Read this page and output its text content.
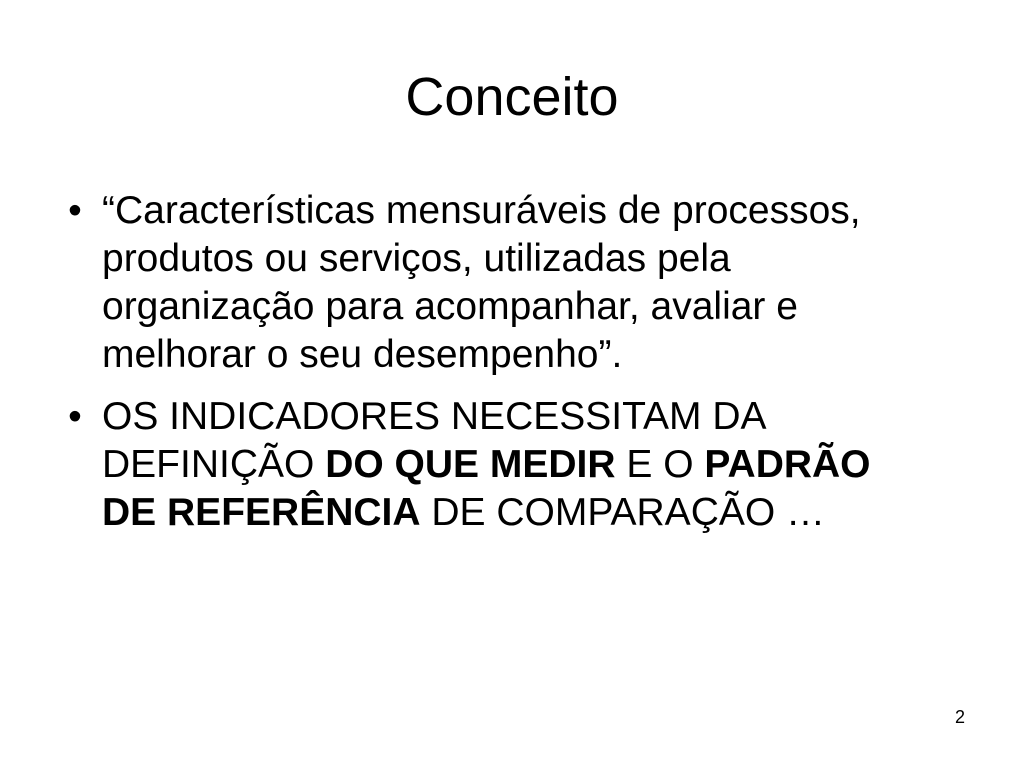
Conceito
• “Características mensuráveis de processos, produtos ou serviços, utilizadas pela organização para acompanhar, avaliar e melhorar o seu desempenho”.
• OS INDICADORES NECESSITAM DA DEFINIÇÃO DO QUE MEDIR E O PADRÃO DE REFERÊNCIA DE COMPARAÇÃO …
2
